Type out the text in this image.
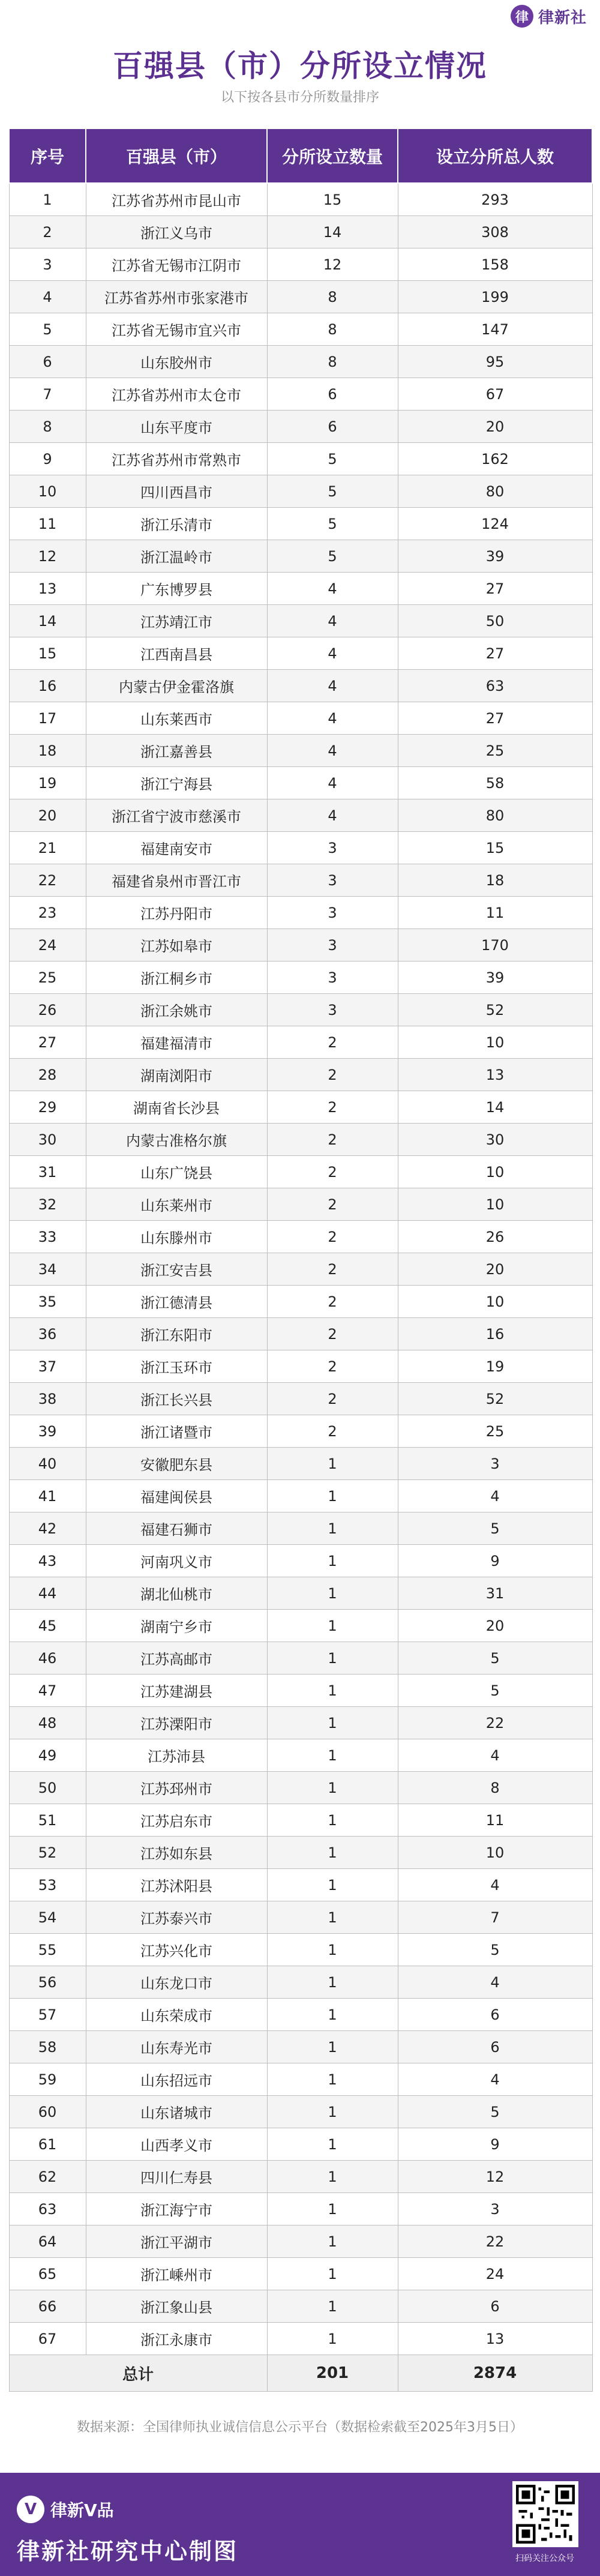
律 律新社
百强县（市）分所设立情况
以下按各县市分所数量排序
序号	百强县（市）	分所设立数量	设立分所总人数
1	江苏省苏州市昆山市	15	293
2	浙江义乌市	14	308
3	江苏省无锡市江阴市	12	158
4	江苏省苏州市张家港市	8	199
5	江苏省无锡市宜兴市	8	147
6	山东胶州市	8	95
7	江苏省苏州市太仓市	6	67
8	山东平度市	6	20
9	江苏省苏州市常熟市	5	162
10	四川西昌市	5	80
11	浙江乐清市	5	124
12	浙江温岭市	5	39
13	广东博罗县	4	27
14	江苏靖江市	4	50
15	江西南昌县	4	27
16	内蒙古伊金霍洛旗	4	63
17	山东莱西市	4	27
18	浙江嘉善县	4	25
19	浙江宁海县	4	58
20	浙江省宁波市慈溪市	4	80
21	福建南安市	3	15
22	福建省泉州市晋江市	3	18
23	江苏丹阳市	3	11
24	江苏如皋市	3	170
25	浙江桐乡市	3	39
26	浙江余姚市	3	52
27	福建福清市	2	10
28	湖南浏阳市	2	13
29	湖南省长沙县	2	14
30	内蒙古准格尔旗	2	30
31	山东广饶县	2	10
32	山东莱州市	2	10
33	山东滕州市	2	26
34	浙江安吉县	2	20
35	浙江德清县	2	10
36	浙江东阳市	2	16
37	浙江玉环市	2	19
38	浙江长兴县	2	52
39	浙江诸暨市	2	25
40	安徽肥东县	1	3
41	福建闽侯县	1	4
42	福建石狮市	1	5
43	河南巩义市	1	9
44	湖北仙桃市	1	31
45	湖南宁乡市	1	20
46	江苏高邮市	1	5
47	江苏建湖县	1	5
48	江苏溧阳市	1	22
49	江苏沛县	1	4
50	江苏邳州市	1	8
51	江苏启东市	1	11
52	江苏如东县	1	10
53	江苏沭阳县	1	4
54	江苏泰兴市	1	7
55	江苏兴化市	1	5
56	山东龙口市	1	4
57	山东荣成市	1	6
58	山东寿光市	1	6
59	山东招远市	1	4
60	山东诸城市	1	5
61	山西孝义市	1	9
62	四川仁寿县	1	12
63	浙江海宁市	1	3
64	浙江平湖市	1	22
65	浙江嵊州市	1	24
66	浙江象山县	1	6
67	浙江永康市	1	13
总计		201	2874
数据来源：全国律师执业诚信信息公示平台（数据检索截至2025年3月5日）
V 律新V品
律新社研究中心制图	扫码关注公众号
